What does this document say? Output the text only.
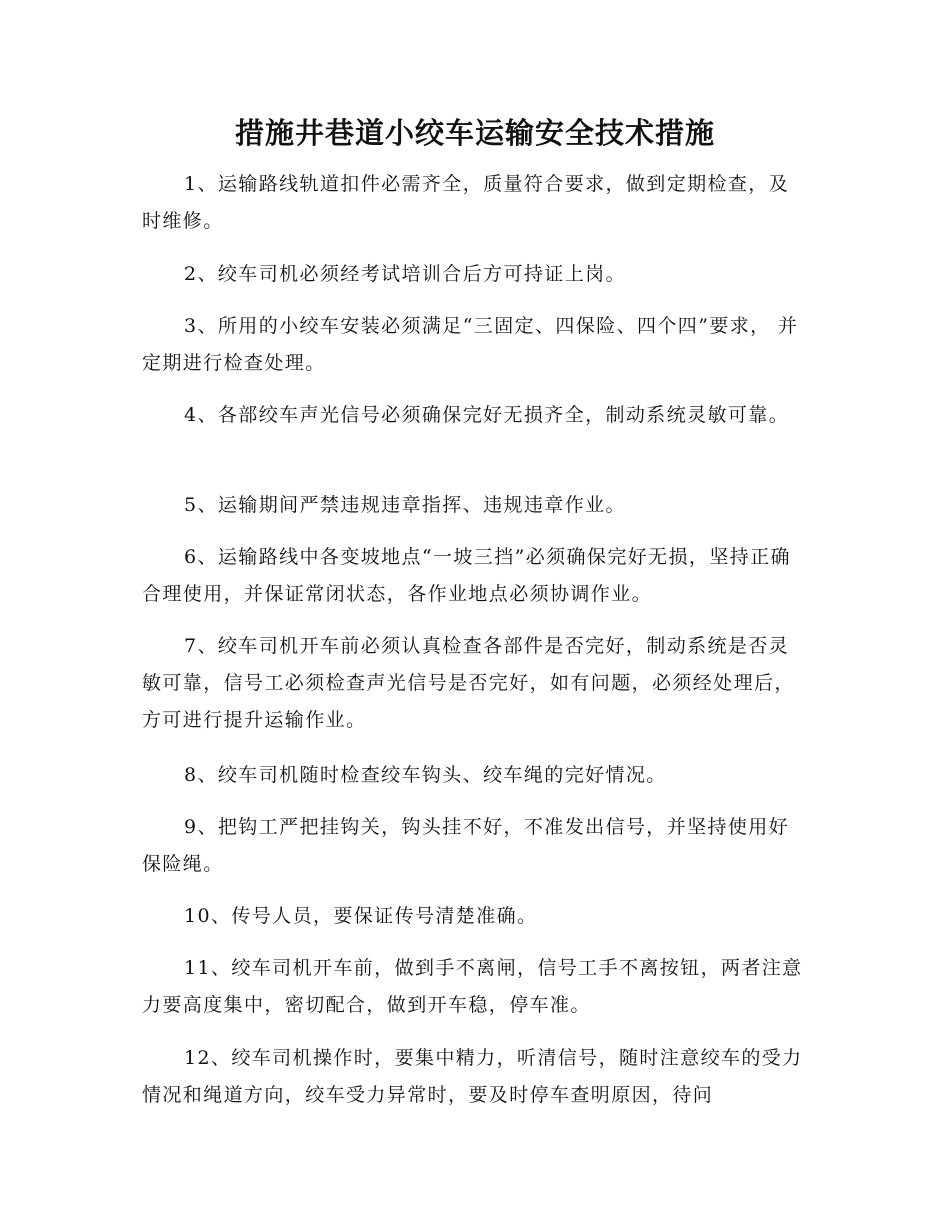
措施井巷道小绞车运输安全技术措施

1、运输路线轨道扣件必需齐全，质量符合要求，做到定期检查，及时维修。

2、绞车司机必须经考试培训合后方可持证上岗。

3、所用的小绞车安装必须满足“三固定、四保险、四个四”要求， 并定期进行检查处理。

4、各部绞车声光信号必须确保完好无损齐全，制动系统灵敏可靠。

5、运输期间严禁违规违章指挥、违规违章作业。

6、运输路线中各变坡地点“一坡三挡”必须确保完好无损，坚持正确合理使用，并保证常闭状态，各作业地点必须协调作业。

7、绞车司机开车前必须认真检查各部件是否完好，制动系统是否灵敏可靠，信号工必须检查声光信号是否完好，如有问题，必须经处理后，方可进行提升运输作业。

8、绞车司机随时检查绞车钩头、绞车绳的完好情况。

9、把钩工严把挂钩关，钩头挂不好，不准发出信号，并坚持使用好 保险绳。

10、传号人员，要保证传号清楚准确。

11、绞车司机开车前，做到手不离闸，信号工手不离按钮，两者注意 力要高度集中，密切配合，做到开车稳，停车准。

12、绞车司机操作时，要集中精力，听清信号，随时注意绞车的受力 情况和绳道方向，绞车受力异常时，要及时停车查明原因，待问
